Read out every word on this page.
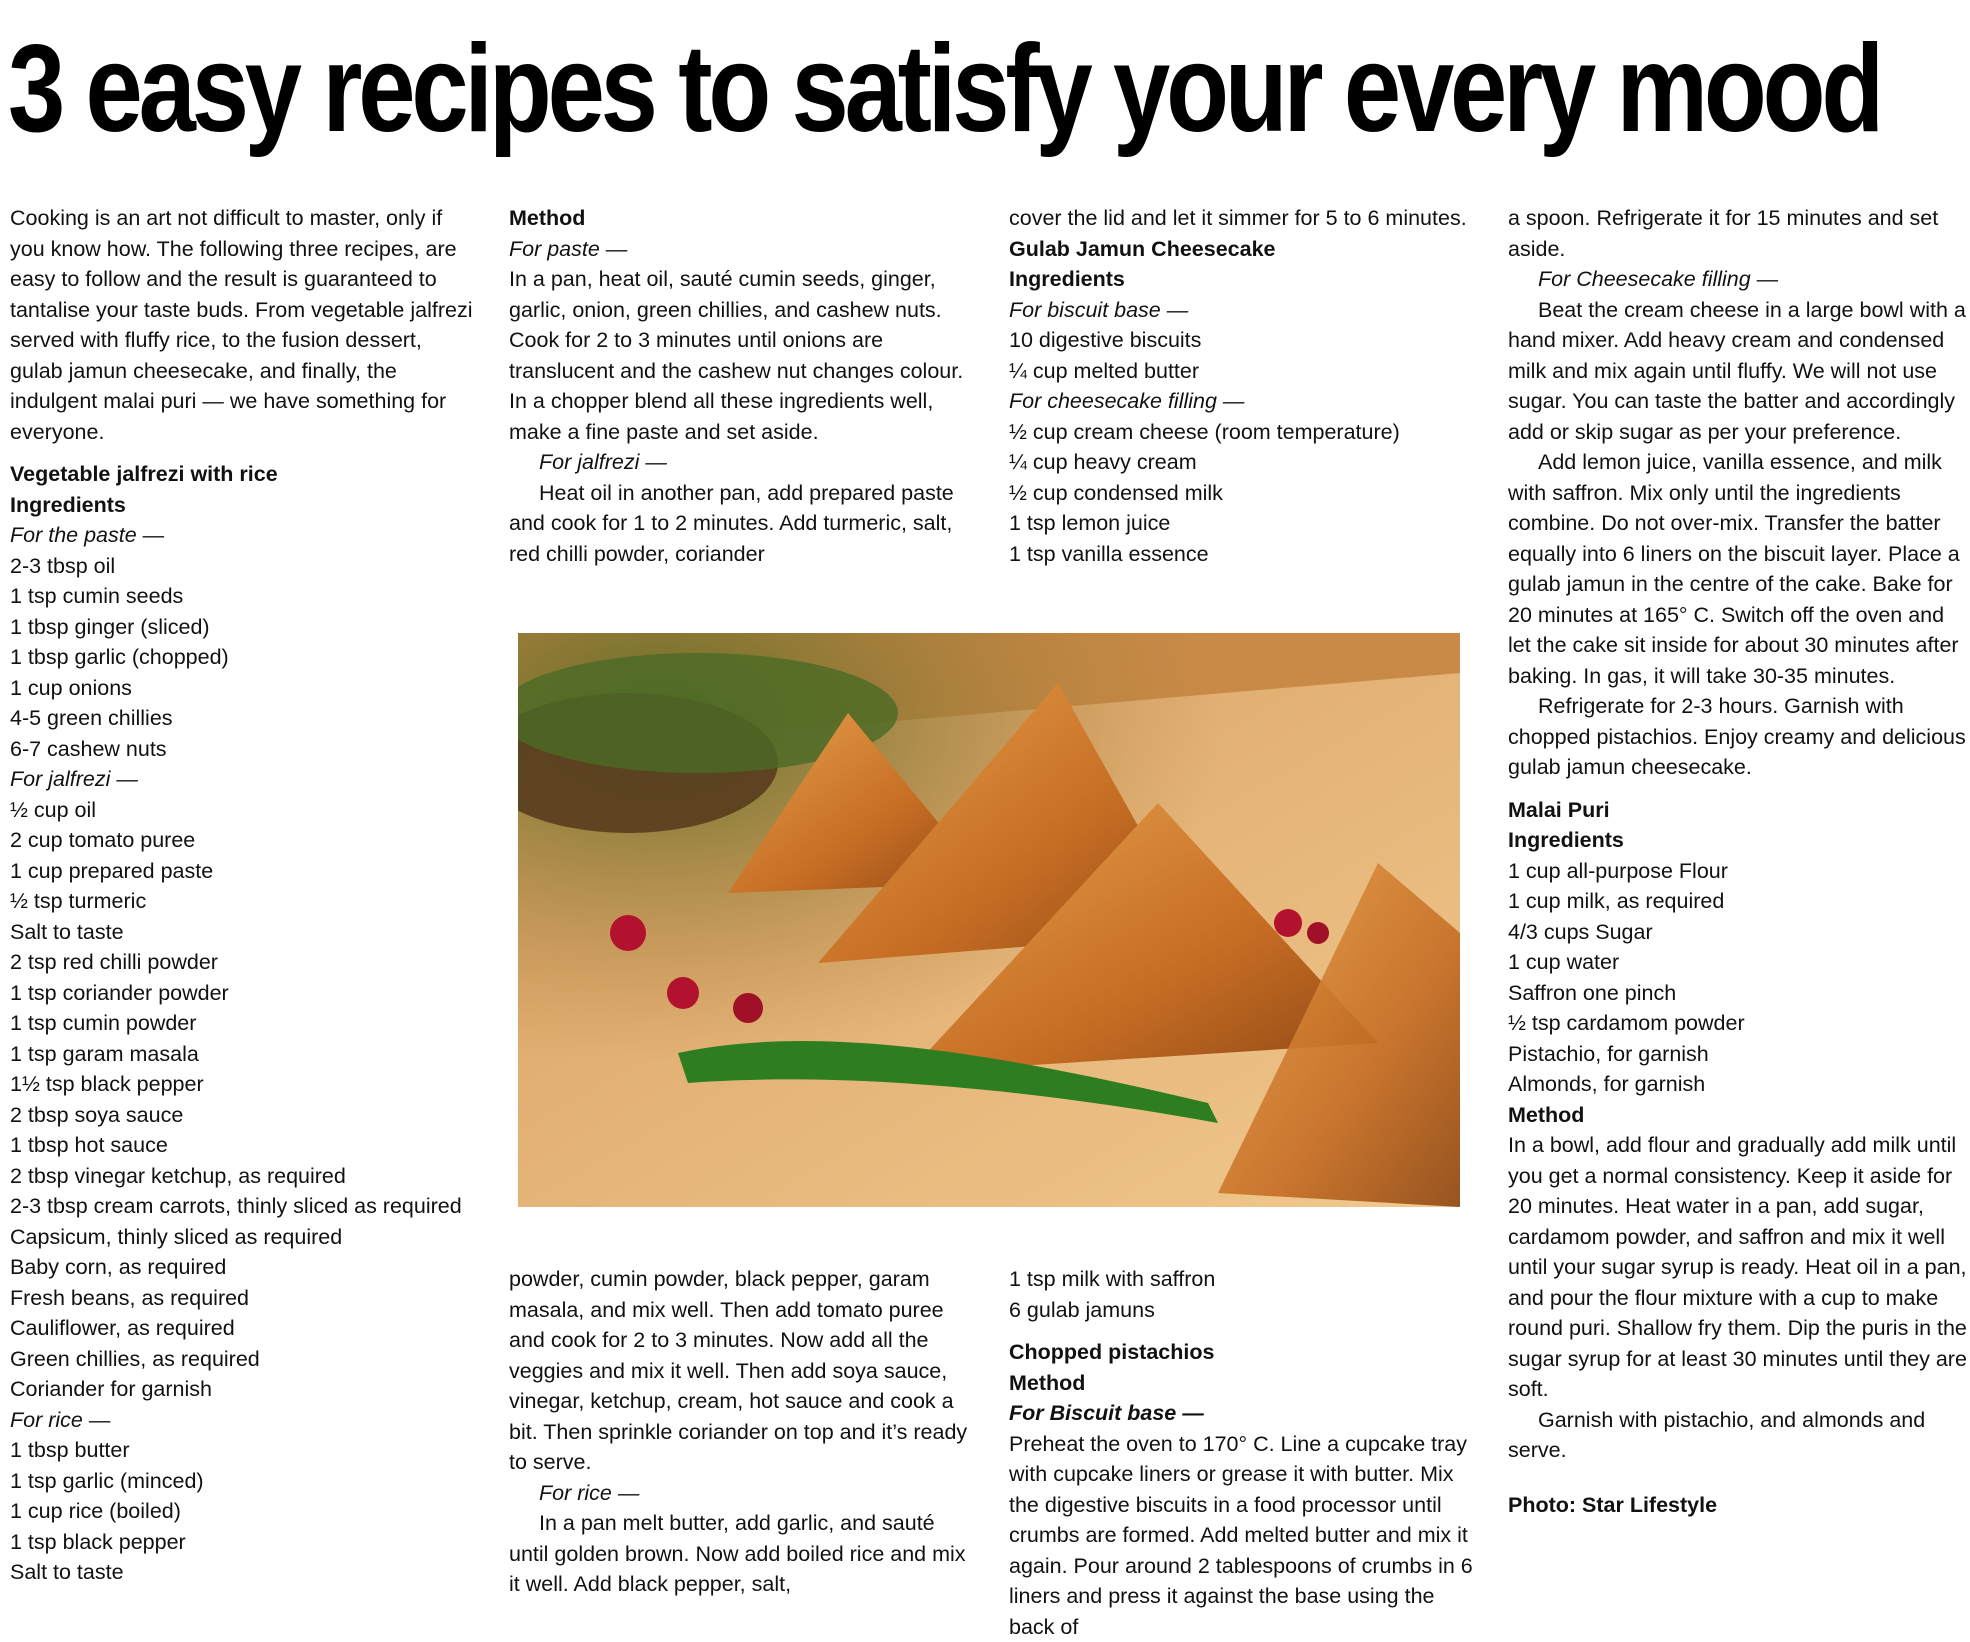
3 easy recipes to satisfy your every mood

Cooking is an art not difficult to master, only if you know how. The following three recipes, are easy to follow and the result is guaranteed to tantalise your taste buds. From vegetable jalfrezi served with fluffy rice, to the fusion dessert, gulab jamun cheesecake, and finally, the indulgent malai puri — we have something for everyone.

Vegetable jalfrezi with rice

Ingredients

For the paste —

2-3 tbsp oil

1 tsp cumin seeds

1 tbsp ginger (sliced)

1 tbsp garlic (chopped)

1 cup onions

4-5 green chillies

6-7 cashew nuts

For jalfrezi —

½ cup oil

2 cup tomato puree

1 cup prepared paste

½ tsp turmeric

Salt to taste

2 tsp red chilli powder

1 tsp coriander powder

1 tsp cumin powder

1 tsp garam masala

1½ tsp black pepper

2 tbsp soya sauce

1 tbsp hot sauce

2 tbsp vinegar ketchup, as required

2-3 tbsp cream carrots, thinly sliced as required

Capsicum, thinly sliced as required

Baby corn, as required

Fresh beans, as required

Cauliflower, as required

Green chillies, as required

Coriander for garnish

For rice —

1 tbsp butter

1 tsp garlic (minced)

1 cup rice (boiled)

1 tsp black pepper

Salt to taste

Method

For paste —

In a pan, heat oil, sauté cumin seeds, ginger, garlic, onion, green chillies, and cashew nuts. Cook for 2 to 3 minutes until onions are translucent and the cashew nut changes colour. In a chopper blend all these ingredients well, make a fine paste and set aside.

For jalfrezi —

Heat oil in another pan, add prepared paste and cook for 1 to 2 minutes. Add turmeric, salt, red chilli powder, coriander

powder, cumin powder, black pepper, garam masala, and mix well. Then add tomato puree and cook for 2 to 3 minutes. Now add all the veggies and mix it well. Then add soya sauce, vinegar, ketchup, cream, hot sauce and cook a bit. Then sprinkle coriander on top and it’s ready to serve.

For rice —

In a pan melt butter, add garlic, and sauté until golden brown. Now add boiled rice and mix it well. Add black pepper, salt,

cover the lid and let it simmer for 5 to 6 minutes.

Gulab Jamun Cheesecake

Ingredients

For biscuit base —

10 digestive biscuits

¼ cup melted butter

For cheesecake filling —

½ cup cream cheese (room temperature)

¼ cup heavy cream

½ cup condensed milk

1 tsp lemon juice

1 tsp vanilla essence

1 tsp milk with saffron

6 gulab jamuns

Chopped pistachios

Method

For Biscuit base —

Preheat the oven to 170° C. Line a cupcake tray with cupcake liners or grease it with butter. Mix the digestive biscuits in a food processor until crumbs are formed. Add melted butter and mix it again. Pour around 2 tablespoons of crumbs in 6 liners and press it against the base using the back of

a spoon. Refrigerate it for 15 minutes and set aside.

For Cheesecake filling —

Beat the cream cheese in a large bowl with a hand mixer. Add heavy cream and condensed milk and mix again until fluffy. We will not use sugar. You can taste the batter and accordingly add or skip sugar as per your preference.

Add lemon juice, vanilla essence, and milk with saffron. Mix only until the ingredients combine. Do not over-mix. Transfer the batter equally into 6 liners on the biscuit layer. Place a gulab jamun in the centre of the cake. Bake for 20 minutes at 165° C. Switch off the oven and let the cake sit inside for about 30 minutes after baking. In gas, it will take 30-35 minutes.

Refrigerate for 2-3 hours. Garnish with chopped pistachios. Enjoy creamy and delicious gulab jamun cheesecake.

Malai Puri

Ingredients

1 cup all-purpose Flour

1 cup milk, as required

4/3 cups Sugar

1 cup water

Saffron one pinch

½ tsp cardamom powder

Pistachio, for garnish

Almonds, for garnish

Method

In a bowl, add flour and gradually add milk until you get a normal consistency. Keep it aside for 20 minutes. Heat water in a pan, add sugar, cardamom powder, and saffron and mix it well until your sugar syrup is ready. Heat oil in a pan, and pour the flour mixture with a cup to make round puri. Shallow fry them. Dip the puris in the sugar syrup for at least 30 minutes until they are soft.

Garnish with pistachio, and almonds and serve.

Photo: Star Lifestyle
